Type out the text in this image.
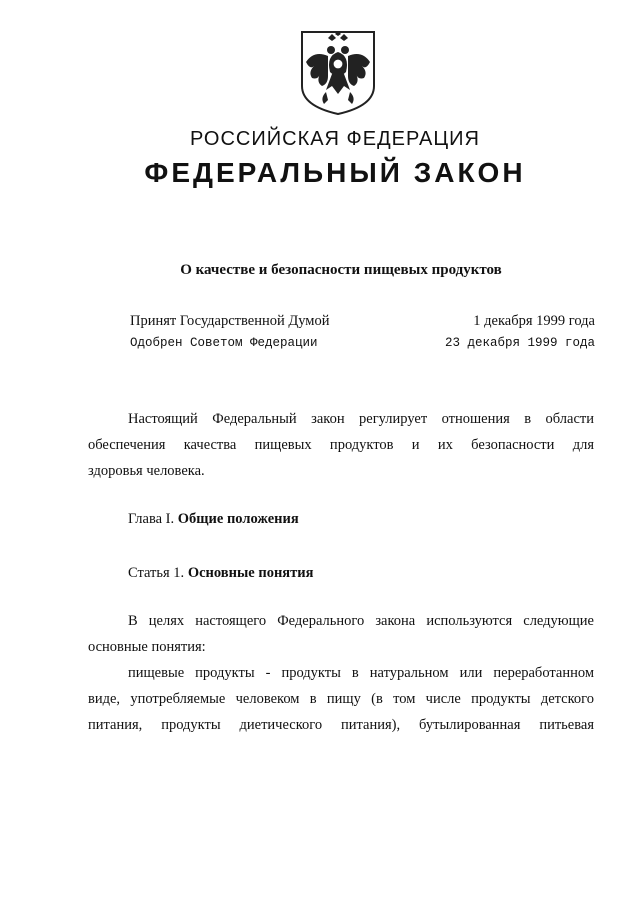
РОССИЙСКАЯ ФЕДЕРАЦИЯ
ФЕДЕРАЛЬНЫЙ ЗАКОН
О качестве и безопасности пищевых продуктов
Принят Государственной Думой	1 декабря 1999 года
Одобрен Советом Федерации	23 декабря 1999 года
Настоящий Федеральный закон регулирует отношения в области
обеспечения качества пищевых продуктов и их безопасности для
здоровья человека.
Глава I. Общие положения
Статья 1. Основные понятия
В целях настоящего Федерального закона используются следующие
основные понятия:
пищевые продукты - продукты в натуральном или переработанном
виде, употребляемые человеком в пищу (в том числе продукты детского
питания, продукты диетического питания), бутылированная питьевая
